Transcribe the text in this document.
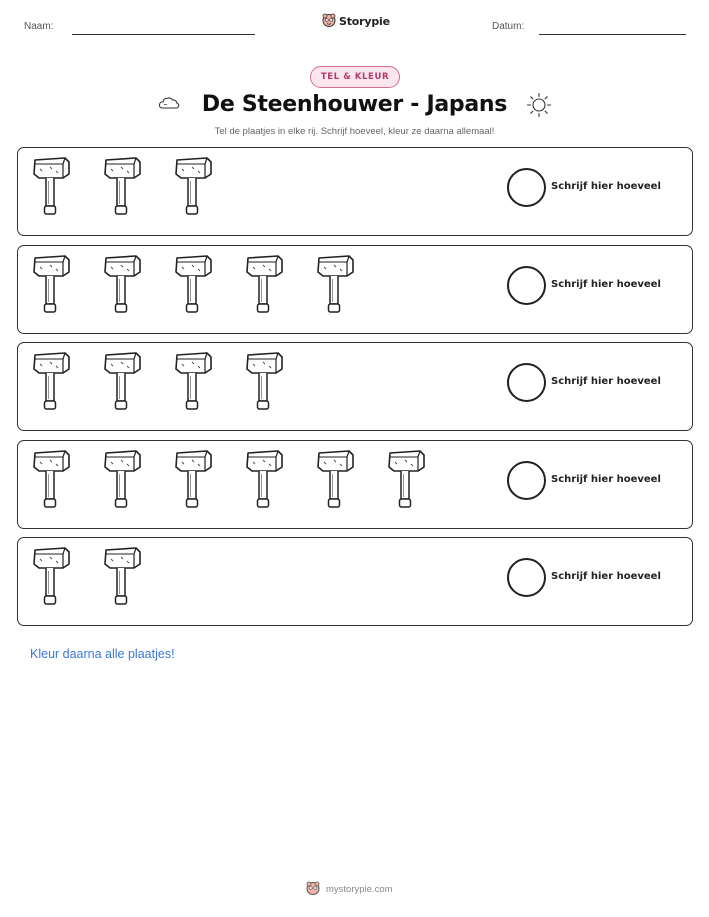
Naam:	Storypie	Datum:
TEL & KLEUR
De Steenhouwer - Japans
Tel de plaatjes in elke rij. Schrijf hoeveel, kleur ze daarna allemaal!
Schrijf hier hoeveel
Schrijf hier hoeveel
Schrijf hier hoeveel
Schrijf hier hoeveel
Schrijf hier hoeveel
Kleur daarna alle plaatjes!
mystorypie.com
